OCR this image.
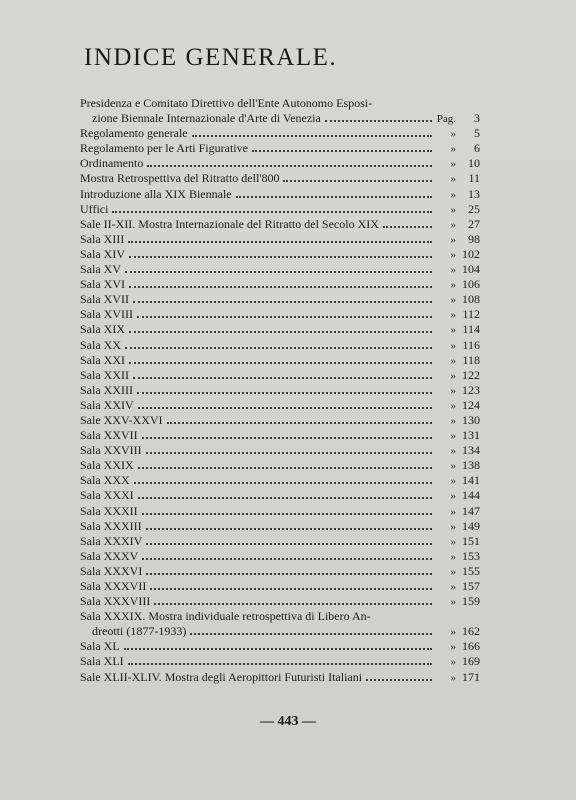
INDICE GENERALE.
Presidenza e Comitato Direttivo dell'Ente Autonomo Esposi-
zione Biennale Internazionale d'Arte di Venezia	Pag.	3
Regolamento generale	»	5
Regolamento per le Arti Figurative	»	6
Ordinamento	»	10
Mostra Retrospettiva del Ritratto dell'800	»	11
Introduzione alla XIX Biennale	»	13
Uffici	»	25
Sale II-XII. Mostra Internazionale del Ritratto del Secolo XIX	»	27
Sala XIII	»	98
Sala XIV	» 102
Sala XV	» 104
Sala XVI	» 106
Sala XVII	» 108
Sala XVIII	» 112
Sala XIX	» 114
Sala XX	» 116
Sala XXI	» 118
Sala XXII	» 122
Sala XXIII	» 123
Sala XXIV	» 124
Sale XXV-XXVI	» 130
Sala XXVII	» 131
Sala XXVIII	» 134
Sala XXIX	» 138
Sala XXX	» 141
Sala XXXI	» 144
Sala XXXII	» 147
Sala XXXIII	» 149
Sala XXXIV	» 151
Sala XXXV	» 153
Sala XXXVI	» 155
Sala XXXVII	» 157
Sala XXXVIII	» 159
Sala XXXIX. Mostra individuale retrospettiva di Libero An-
dreotti (1877-1933)	» 162
Sala XL	» 166
Sala XLI	» 169
Sale XLII-XLIV. Mostra degli Aeropittori Futuristi Italiani	» 171
— 443 —
